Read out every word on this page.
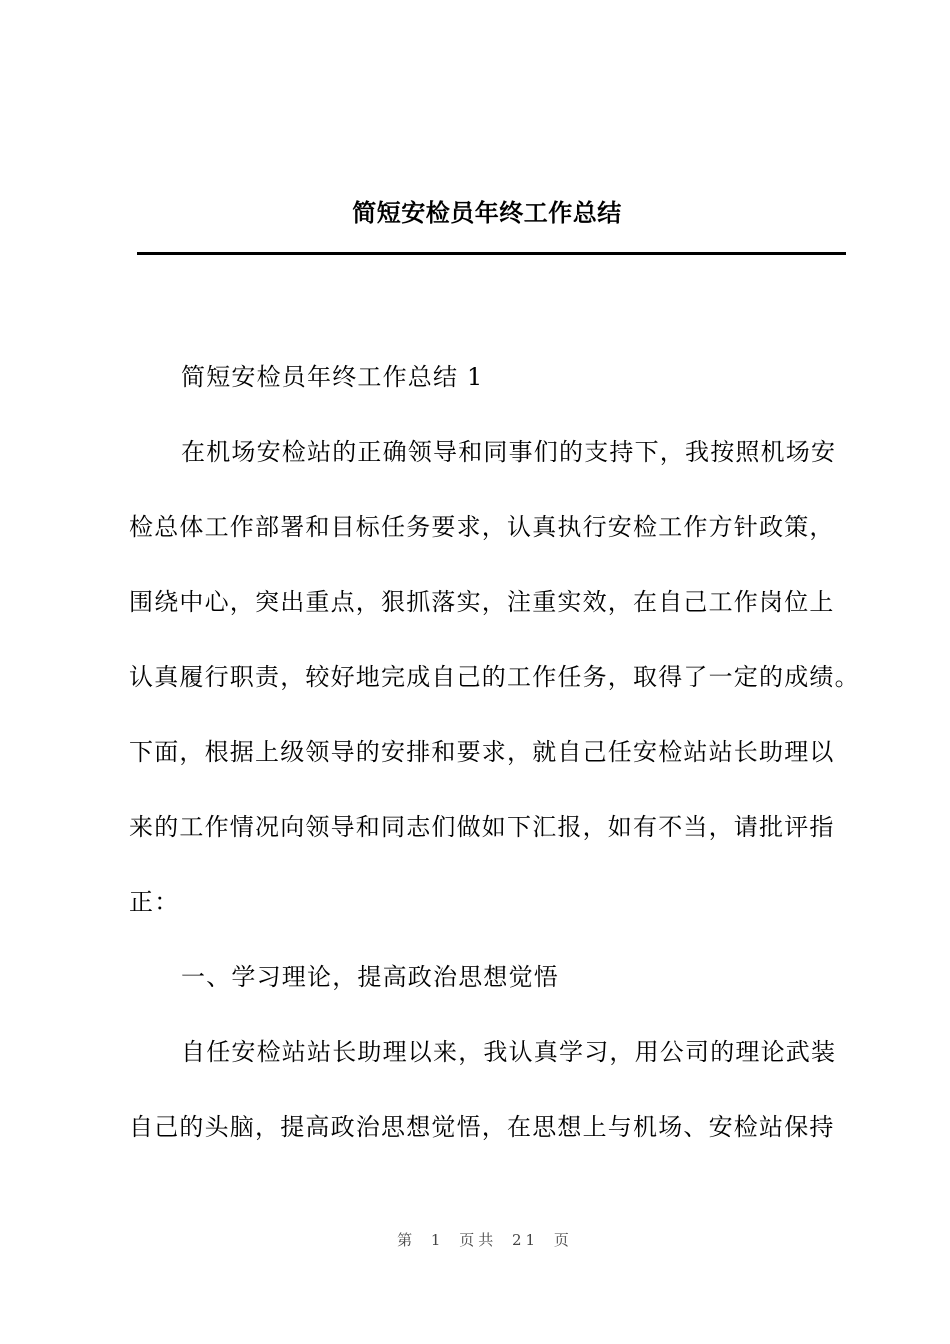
简短安检员年终工作总结
简短安检员年终工作总结 1
在机场安检站的正确领导和同事们的支持下，我按照机场安
检总体工作部署和目标任务要求，认真执行安检工作方针政策，
围绕中心，突出重点，狠抓落实，注重实效，在自己工作岗位上
认真履行职责，较好地完成自己的工作任务，取得了一定的成绩。
下面，根据上级领导的安排和要求，就自己任安检站站长助理以
来的工作情况向领导和同志们做如下汇报，如有不当，请批评指
正：
一、学习理论，提高政治思想觉悟
自任安检站站长助理以来，我认真学习，用公司的理论武装
自己的头脑，提高政治思想觉悟，在思想上与机场、安检站保持
第 1 页共 21 页
